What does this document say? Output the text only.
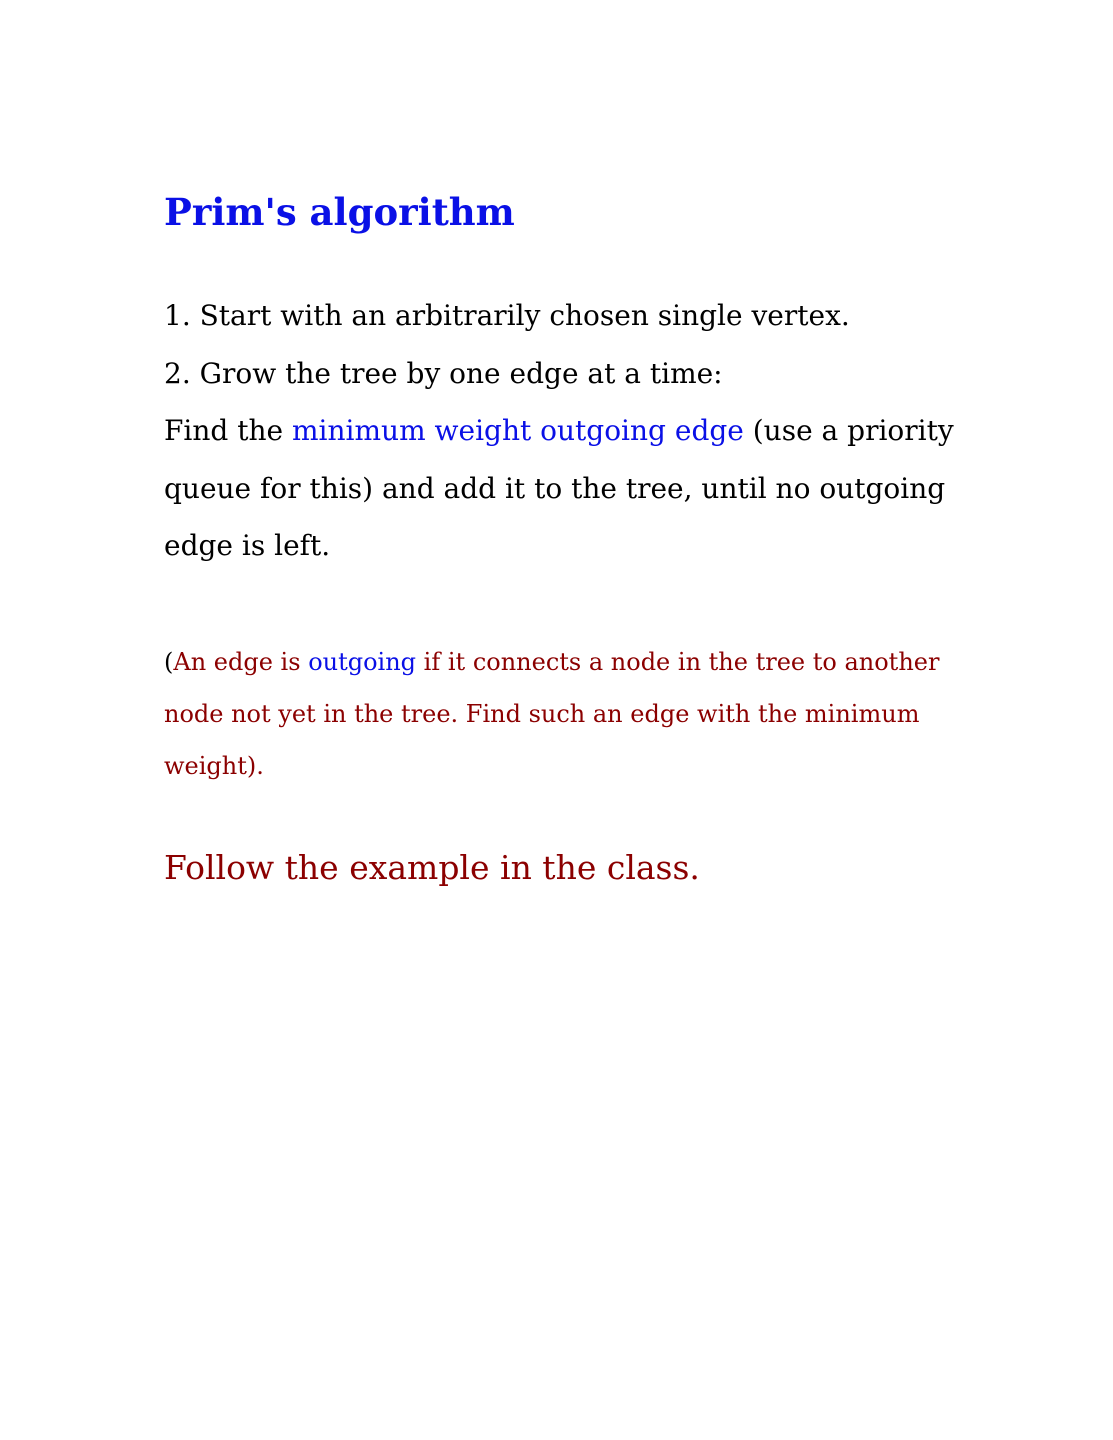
Prim's algorithm
1. Start with an arbitrarily chosen single vertex.
2. Grow the tree by one edge at a time:
Find the minimum weight outgoing edge (use a priority
queue for this) and add it to the tree, until no outgoing
edge is left.
(An edge is outgoing if it connects a node in the tree to another
node not yet in the tree. Find such an edge with the minimum
weight).

Follow the example in the class.
